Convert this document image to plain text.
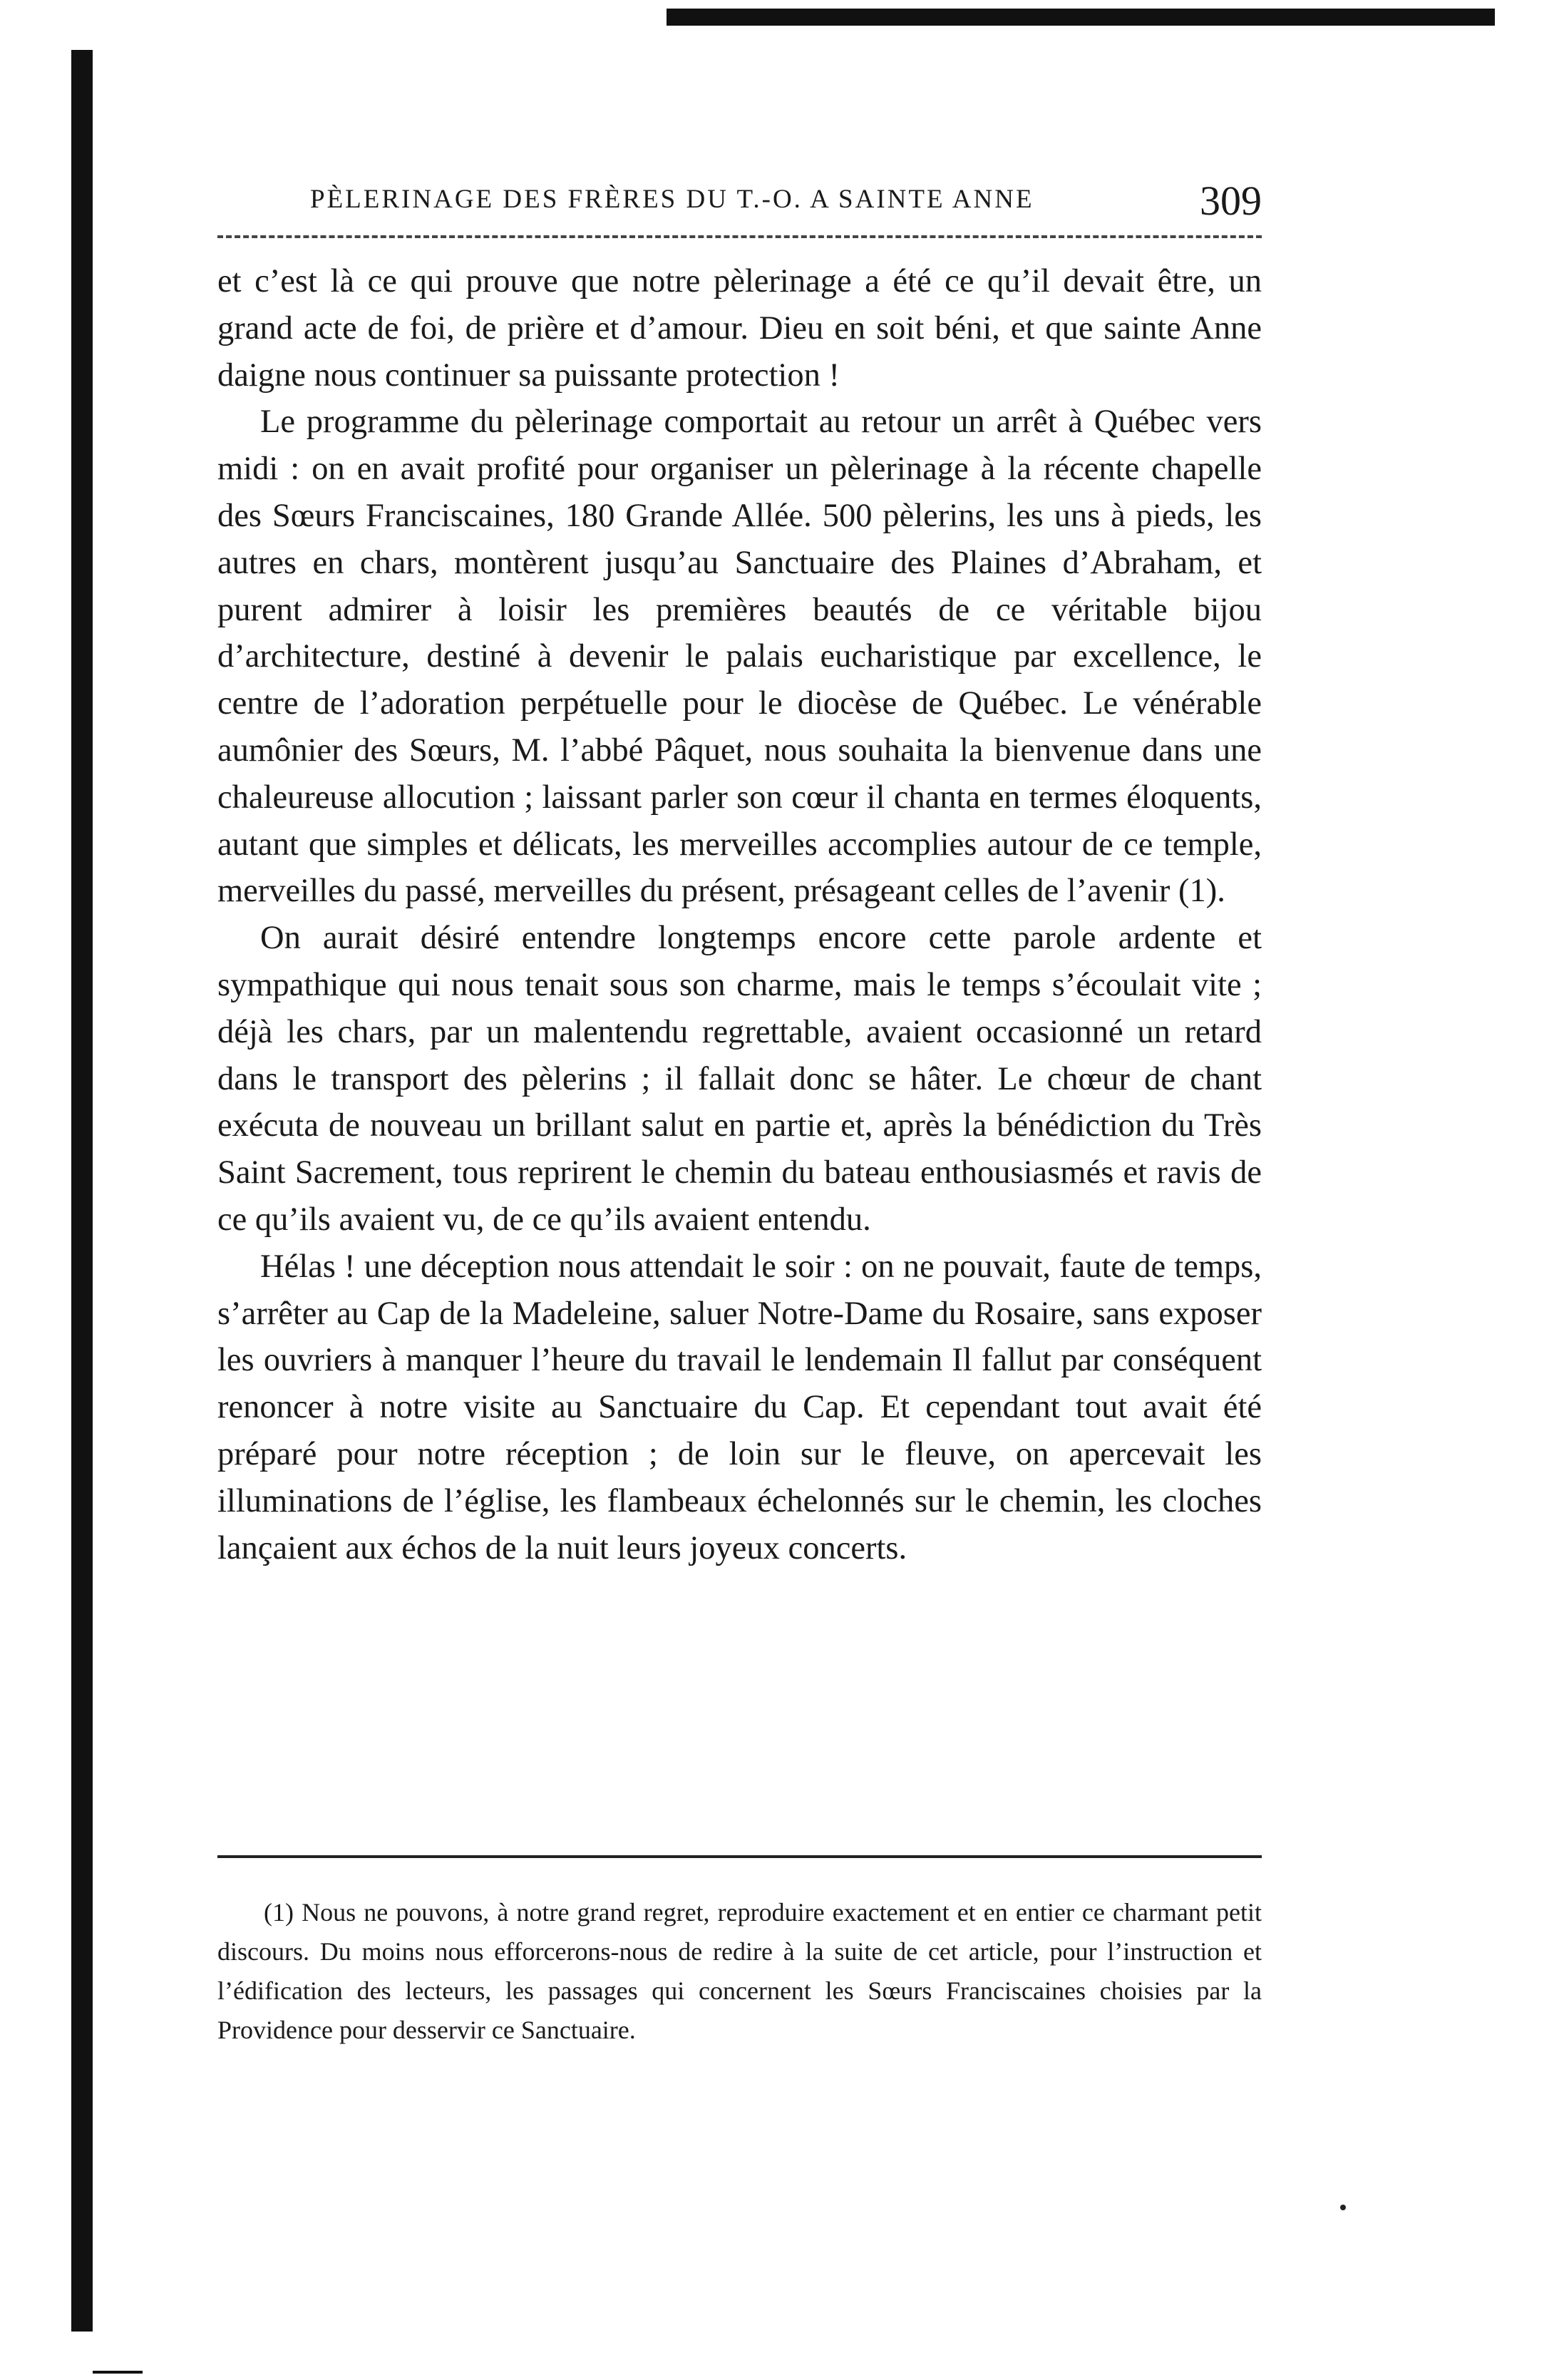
PÈLERINAGE DES FRÈRES DU T.-O. A SAINTE ANNE	309

et c’est là ce qui prouve que notre pèlerinage a été ce qu’il devait être, un grand acte de foi, de prière et d’amour. Dieu en soit béni, et que sainte Anne daigne nous continuer sa puissante protection !

Le programme du pèlerinage comportait au retour un arrêt à Québec vers midi : on en avait profité pour organiser un pèlerinage à la récente chapelle des Sœurs Franciscaines, 180 Grande Allée. 500 pèlerins, les uns à pieds, les autres en chars, montèrent jusqu’au Sanctuaire des Plaines d’Abraham, et purent admirer à loisir les premières beautés de ce véritable bijou d’architecture, destiné à devenir le palais eucharistique par excellence, le centre de l’adoration perpétuelle pour le diocèse de Québec. Le vénérable aumônier des Sœurs, M. l’abbé Pâquet, nous souhaita la bienvenue dans une chaleureuse allocution ; laissant parler son cœur il chanta en termes éloquents, autant que simples et délicats, les merveilles accomplies autour de ce temple, merveilles du passé, merveilles du présent, présageant celles de l’avenir (1).

On aurait désiré entendre longtemps encore cette parole ardente et sympathique qui nous tenait sous son charme, mais le temps s’écoulait vite ; déjà les chars, par un malentendu regrettable, avaient occasionné un retard dans le transport des pèlerins ; il fallait donc se hâter. Le chœur de chant exécuta de nouveau un brillant salut en partie et, après la bénédiction du Très Saint Sacrement, tous reprirent le chemin du bateau enthousiasmés et ravis de ce qu’ils avaient vu, de ce qu’ils avaient entendu.

Hélas ! une déception nous attendait le soir : on ne pouvait, faute de temps, s’arrêter au Cap de la Madeleine, saluer Notre-Dame du Rosaire, sans exposer les ouvriers à manquer l’heure du travail le lendemain Il fallut par conséquent renoncer à notre visite au Sanctuaire du Cap. Et cependant tout avait été préparé pour notre réception ; de loin sur le fleuve, on apercevait les illuminations de l’église, les flambeaux échelonnés sur le chemin, les cloches lançaient aux échos de la nuit leurs joyeux concerts.

(1) Nous ne pouvons, à notre grand regret, reproduire exactement et en entier ce charmant petit discours. Du moins nous efforcerons-nous de redire à la suite de cet article, pour l’instruction et l’édification des lecteurs, les passages qui concernent les Sœurs Franciscaines choisies par la Providence pour desservir ce Sanctuaire.
